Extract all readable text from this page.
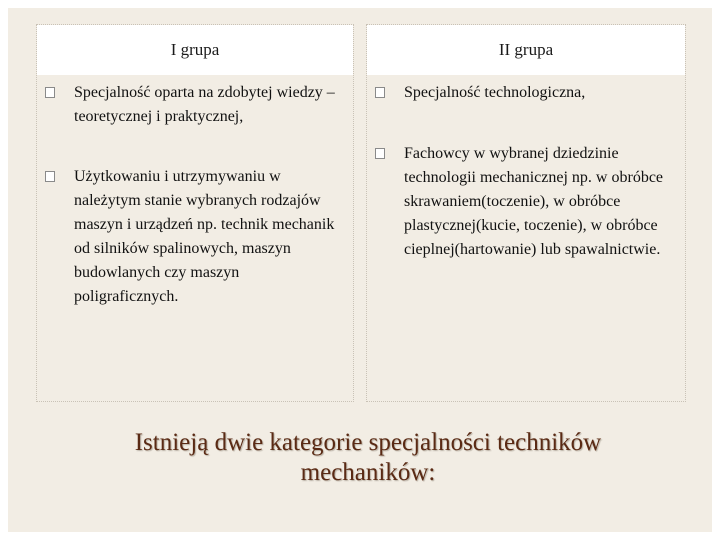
I grupa
Specjalność oparta na zdobytej wiedzy –teoretycznej i praktycznej,
Użytkowaniu i utrzymywaniu w należytym stanie wybranych rodzajów maszyn i urządzeń np. technik mechanik od silników spalinowych, maszyn budowlanych czy maszyn poligraficznych.
II grupa
Specjalność technologiczna,
Fachowcy w wybranej dziedzinie technologii mechanicznej np. w obróbce skrawaniem(toczenie), w obróbce plastycznej(kucie, toczenie), w obróbce cieplnej(hartowanie) lub spawalnictwie.
Istnieją dwie kategorie specjalności techników
mechaników:
